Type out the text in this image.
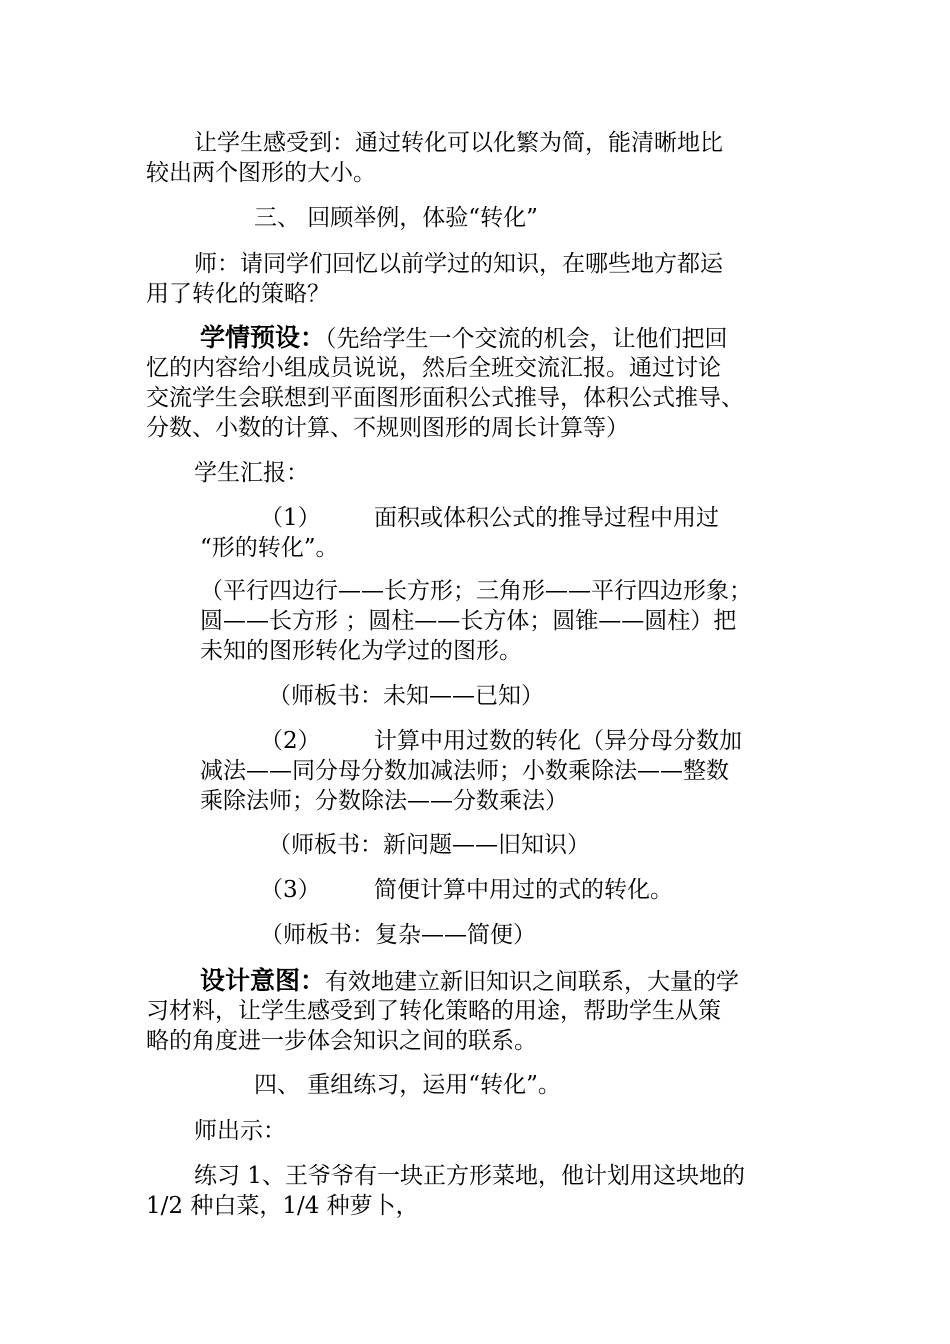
让学生感受到：通过转化可以化繁为简，能清晰地比
较出两个图形的大小。
三、 回顾举例，体验“转化”
师：请同学们回忆以前学过的知识，在哪些地方都运
用了转化的策略？
学情预设：（先给学生一个交流的机会，让他们把回
忆的内容给小组成员说说，然后全班交流汇报。通过讨论
交流学生会联想到平面图形面积公式推导，体积公式推导、
分数、小数的计算、不规则图形的周长计算等）
学生汇报：
（1） 面积或体积公式的推导过程中用过
“形的转化”。
（平行四边行——长方形；三角形——平行四边形象；
圆——长方形 ；圆柱——长方体；圆锥——圆柱）把
未知的图形转化为学过的图形。
（师板书：未知——已知）
（2） 计算中用过数的转化（异分母分数加
减法——同分母分数加减法师；小数乘除法——整数
乘除法师；分数除法——分数乘法）
（师板书：新问题——旧知识）
（3） 简便计算中用过的式的转化。
（师板书：复杂——简便）
设计意图：有效地建立新旧知识之间联系，大量的学
习材料，让学生感受到了转化策略的用途，帮助学生从策
略的角度进一步体会知识之间的联系。
四、 重组练习，运用“转化”。
师出示：
练习 1、王爷爷有一块正方形菜地，他计划用这块地的
1/2 种白菜，1/4 种萝卜，
